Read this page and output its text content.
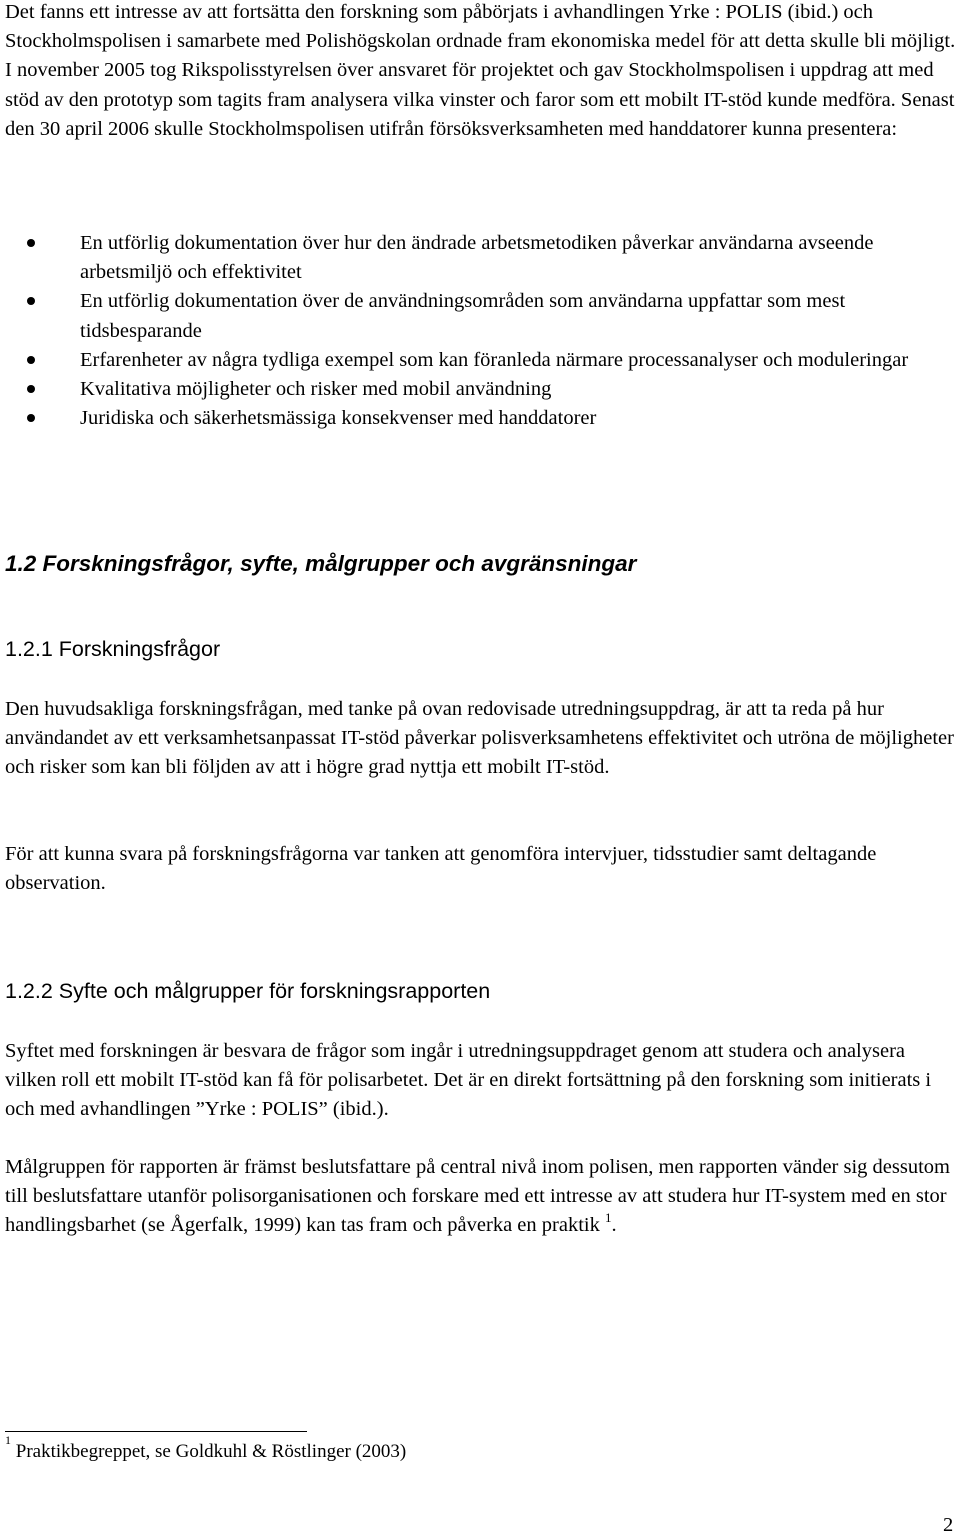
Det fanns ett intresse av att fortsätta den forskning som påbörjats i avhandlingen Yrke : POLIS (ibid.) och Stockholmspolisen i samarbete med Polishögskolan ordnade fram ekonomiska medel för att detta skulle bli möjligt. I november 2005 tog Rikspolisstyrelsen över ansvaret för projektet och gav Stockholmspolisen i uppdrag att med stöd av den prototyp som tagits fram analysera vilka vinster och faror som ett mobilt IT-stöd kunde medföra. Senast den 30 april 2006 skulle Stockholmspolisen utifrån försöksverksamheten med handdatorer kunna presentera:

En utförlig dokumentation över hur den ändrade arbetsmetodiken påverkar användarna avseende arbetsmiljö och effektivitet
En utförlig dokumentation över de användningsområden som användarna uppfattar som mest tidsbesparande
Erfarenheter av några tydliga exempel som kan föranleda närmare processanalyser och moduleringar
Kvalitativa möjligheter och risker med mobil användning
Juridiska och säkerhetsmässiga konsekvenser med handdatorer
1.2 Forskningsfrågor, syfte, målgrupper och avgränsningar
1.2.1 Forskningsfrågor

Den huvudsakliga forskningsfrågan, med tanke på ovan redovisade utredningsuppdrag, är att ta reda på hur användandet av ett verksamhetsanpassat IT-stöd påverkar polisverksamhetens effektivitet och utröna de möjligheter och risker som kan bli följden av att i högre grad nyttja ett mobilt IT-stöd.

För att kunna svara på forskningsfrågorna var tanken att genomföra intervjuer, tidsstudier samt deltagande observation.

1.2.2 Syfte och målgrupper för forskningsrapporten

Syftet med forskningen är besvara de frågor som ingår i utredningsuppdraget genom att studera och analysera vilken roll ett mobilt IT-stöd kan få för polisarbetet. Det är en direkt fortsättning på den forskning som initierats i och med avhandlingen ”Yrke : POLIS” (ibid.).

Målgruppen för rapporten är främst beslutsfattare på central nivå inom polisen, men rapporten vänder sig dessutom till beslutsfattare utanför polisorganisationen och forskare med ett intresse av att studera hur IT-system med en stor handlingsbarhet (se Ågerfalk, 1999) kan tas fram och påverka en praktik $^1$.

$^1$ Praktikbegreppet, se Goldkuhl & Röstlinger (2003)

2
